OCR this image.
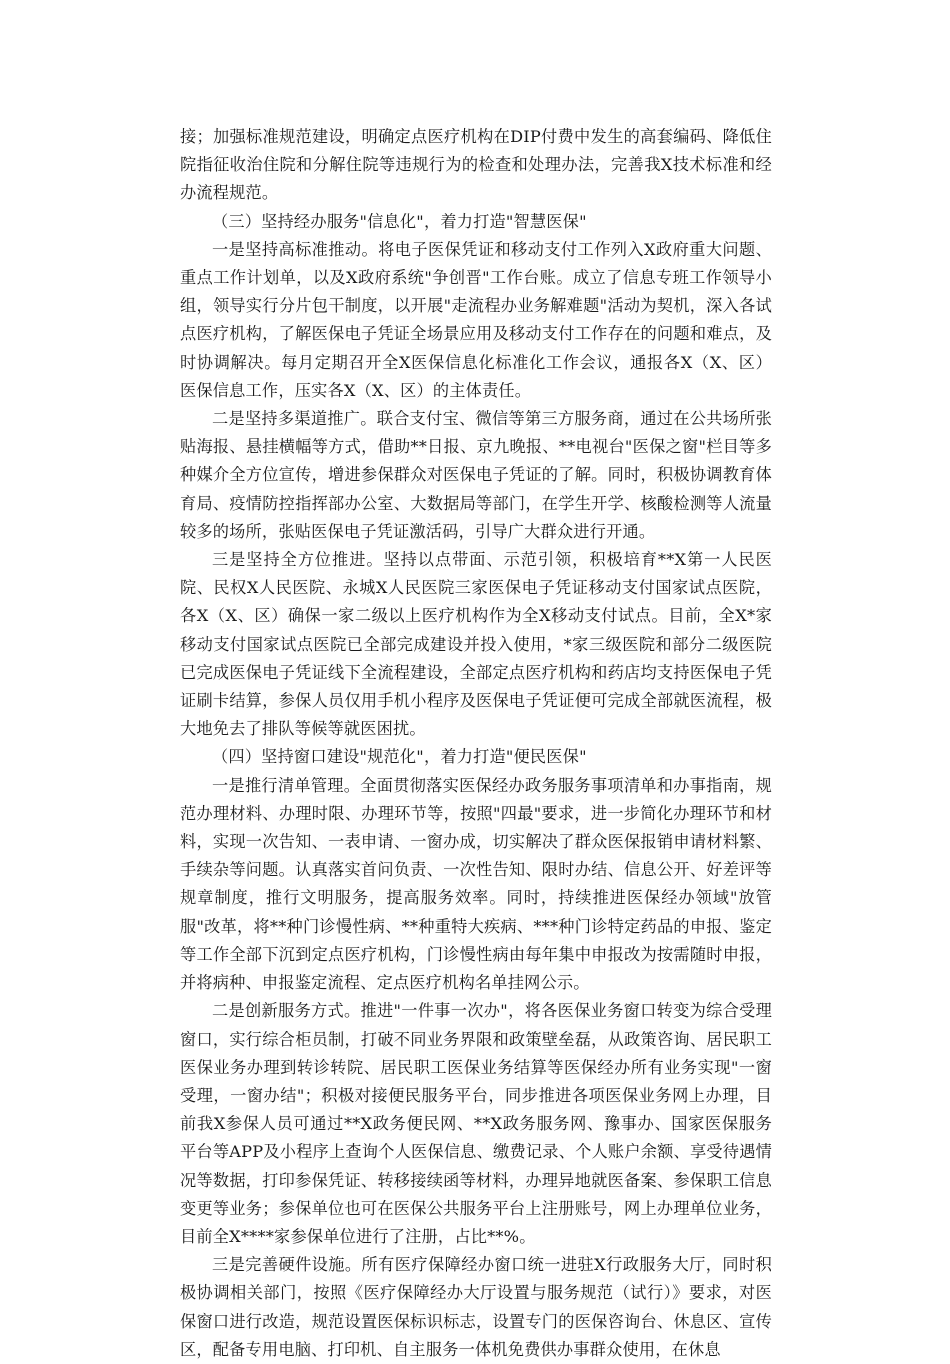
接；加强标准规范建设，明确定点医疗机构在DIP付费中发生的高套编码、降低住院指征收治住院和分解住院等违规行为的检查和处理办法，完善我X技术标准和经办流程规范。

（三）坚持经办服务"信息化"，着力打造"智慧医保"

一是坚持高标准推动。将电子医保凭证和移动支付工作列入X政府重大问题、重点工作计划单，以及X政府系统"争创晋"工作台账。成立了信息专班工作领导小组，领导实行分片包干制度，以开展"走流程办业务解难题"活动为契机，深入各试点医疗机构，了解医保电子凭证全场景应用及移动支付工作存在的问题和难点，及时协调解决。每月定期召开全X医保信息化标准化工作会议，通报各X（X、区）医保信息工作，压实各X（X、区）的主体责任。

二是坚持多渠道推广。联合支付宝、微信等第三方服务商，通过在公共场所张贴海报、悬挂横幅等方式，借助**日报、京九晚报、**电视台"医保之窗"栏目等多种媒介全方位宣传，增进参保群众对医保电子凭证的了解。同时，积极协调教育体育局、疫情防控指挥部办公室、大数据局等部门，在学生开学、核酸检测等人流量较多的场所，张贴医保电子凭证激活码，引导广大群众进行开通。

三是坚持全方位推进。坚持以点带面、示范引领，积极培育**X第一人民医院、民权X人民医院、永城X人民医院三家医保电子凭证移动支付国家试点医院，各X（X、区）确保一家二级以上医疗机构作为全X移动支付试点。目前，全X*家移动支付国家试点医院已全部完成建设并投入使用，*家三级医院和部分二级医院已完成医保电子凭证线下全流程建设，全部定点医疗机构和药店均支持医保电子凭证刷卡结算，参保人员仅用手机小程序及医保电子凭证便可完成全部就医流程，极大地免去了排队等候等就医困扰。

（四）坚持窗口建设"规范化"，着力打造"便民医保"

一是推行清单管理。全面贯彻落实医保经办政务服务事项清单和办事指南，规范办理材料、办理时限、办理环节等，按照"四最"要求，进一步简化办理环节和材料，实现一次告知、一表申请、一窗办成，切实解决了群众医保报销申请材料繁、手续杂等问题。认真落实首问负责、一次性告知、限时办结、信息公开、好差评等规章制度，推行文明服务，提高服务效率。同时，持续推进医保经办领域"放管服"改革，将**种门诊慢性病、**种重特大疾病、***种门诊特定药品的申报、鉴定等工作全部下沉到定点医疗机构，门诊慢性病由每年集中申报改为按需随时申报，并将病种、申报鉴定流程、定点医疗机构名单挂网公示。

二是创新服务方式。推进"一件事一次办"，将各医保业务窗口转变为综合受理窗口，实行综合柜员制，打破不同业务界限和政策壁垒磊，从政策咨询、居民职工医保业务办理到转诊转院、居民职工医保业务结算等医保经办所有业务实现"一窗受理，一窗办结"；积极对接便民服务平台，同步推进各项医保业务网上办理，目前我X参保人员可通过**X政务便民网、**X政务服务网、豫事办、国家医保服务平台等APP及小程序上查询个人医保信息、缴费记录、个人账户余额、享受待遇情况等数据，打印参保凭证、转移接续函等材料，办理异地就医备案、参保职工信息变更等业务；参保单位也可在医保公共服务平台上注册账号，网上办理单位业务，目前全X****家参保单位进行了注册，占比**%。

三是完善硬件设施。所有医疗保障经办窗口统一进驻X行政服务大厅，同时积极协调相关部门，按照《医疗保障经办大厅设置与服务规范（试行）》要求，对医保窗口进行改造，规范设置医保标识标志，设置专门的医保咨询台、休息区、宣传区，配备专用电脑、打印机、自主服务一体机免费供办事群众使用，在休息
